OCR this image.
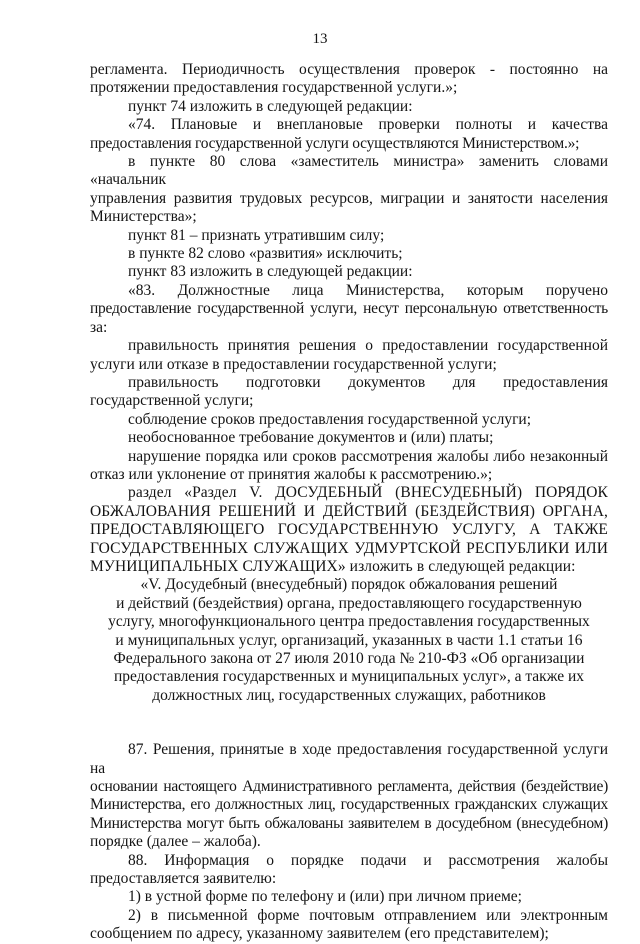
13
регламента. Периодичность осуществления проверок - постоянно на
протяжении предоставления государственной услуги.»;
пункт 74 изложить в следующей редакции:
«74. Плановые и внеплановые проверки полноты и качества
предоставления государственной услуги осуществляются Министерством.»;
в пункте 80 слова «заместитель министра» заменить словами «начальник
управления развития трудовых ресурсов, миграции и занятости населения
Министерства»;
пункт 81 – признать утратившим силу;
в пункте 82 слово «развития» исключить;
пункт 83 изложить в следующей редакции:
«83. Должностные лица Министерства, которым поручено
предоставление государственной услуги, несут персональную ответственность
за:
правильность принятия решения о предоставлении государственной
услуги или отказе в предоставлении государственной услуги;
правильность подготовки документов для предоставления
государственной услуги;
соблюдение сроков предоставления государственной услуги;
необоснованное требование документов и (или) платы;
нарушение порядка или сроков рассмотрения жалобы либо незаконный
отказ или уклонение от принятия жалобы к рассмотрению.»;
раздел «Раздел V. ДОСУДЕБНЫЙ (ВНЕСУДЕБНЫЙ) ПОРЯДОК
ОБЖАЛОВАНИЯ РЕШЕНИЙ И ДЕЙСТВИЙ (БЕЗДЕЙСТВИЯ) ОРГАНА,
ПРЕДОСТАВЛЯЮЩЕГО ГОСУДАРСТВЕННУЮ УСЛУГУ, А ТАКЖЕ
ГОСУДАРСТВЕННЫХ СЛУЖАЩИХ УДМУРТСКОЙ РЕСПУБЛИКИ ИЛИ
МУНИЦИПАЛЬНЫХ СЛУЖАЩИХ» изложить в следующей редакции:
«V. Досудебный (внесудебный) порядок обжалования решений
и действий (бездействия) органа, предоставляющего государственную
услугу, многофункционального центра предоставления государственных
и муниципальных услуг, организаций, указанных в части 1.1 статьи 16
Федерального закона от 27 июля 2010 года № 210-ФЗ «Об организации
предоставления государственных и муниципальных услуг», а также их
должностных лиц, государственных служащих, работников
87. Решения, принятые в ходе предоставления государственной услуги на
основании настоящего Административного регламента, действия (бездействие)
Министерства, его должностных лиц, государственных гражданских служащих
Министерства могут быть обжалованы заявителем в досудебном (внесудебном)
порядке (далее – жалоба).
88. Информация о порядке подачи и рассмотрения жалобы
предоставляется заявителю:
1) в устной форме по телефону и (или) при личном приеме;
2) в письменной форме почтовым отправлением или электронным
сообщением по адресу, указанному заявителем (его представителем);
